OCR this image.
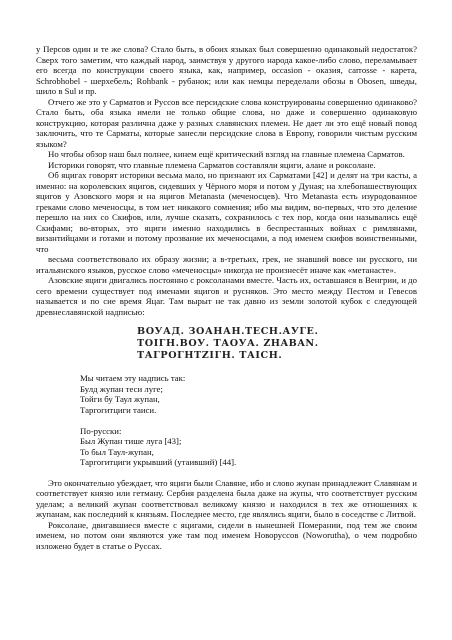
у Персов один и те же слова? Стало быть, в обоих языках был совершенно одинаковый недостаток? Сверх того заметим, что каждый народ, заимствуя у другого народа какое-либо слово, переламывает его всегда по конструкции своего языка, как, например, occasion - оказия, carrosse - карета, Schrobhobel - шерхебель; Rohbank - рубанок; или как немцы переделали обозы в Obosen, шведы, шило в Sul и пр.

Отчего же это у Сарматов и Руссов все персидские слова конструированы совершенно одинаково? Стало быть, оба языка имели не только общие слова, но даже и совершенно одинаковую конструкцию, которая различна даже у разных славянских племен. Не дает ли это ещё новый повод заключить, что те Сарматы, которые занесли персидские слова в Европу, говорили чистым русским языком?

Но чтобы обзор наш был полнее, кинем ещё критический взгляд на главные племена Сарматов.

Историки говорят, что главные племена Сарматов составляли яциги, алане и роксолане.

Об яцигах говорят историки весьма мало, но признают их Сарматами [42] и делят на три касты, а именно: на королевских яцигов, сидевших у Чёрного моря и потом у Дуная; на хлебопашествующих яцигов у Азовского моря и на яцигов Metanasta (меченосцев). Что Metanasta есть изуродованное греками слово меченосцы, в том нет никакого сомнения; ибо мы видим, во-первых, что это деление перешло на них со Скифов, или, лучше сказать, сохранилось с тех пор, когда они назывались ещё Скифами; во-вторых, это яциги именно находились в беспрестанных войнах с римлянами, византийцами и готами и потому прозвание их меченосцами, а под именем скифов воинственными, что

весьма соответствовало их образу жизни; а в-третьих, грек, не знавший вовсе ни русского, ни итальянского языков, русское слово «меченосцы» никогда не произнесёт иначе как «метанасте».

Азовские яциги двигались постоянно с роксоланами вместе. Часть их, оставшаяся в Венгрии, и до сего времени существует под именами яцигов и русняков. Это место между Пестом и Гевесов называется и по сие время Яцаг. Там вырыт не так давно из земли золотой кубок с следующей древнеславянской надписью:

ВОУАД. ЗОАНАН.ТЕСН.АУГЕ.
ТОІГН.ВОУ. ТАОУА. ZΗΑΒΑΝ.
ТАГРОГНТZІГН. ТАІСН.
Мы читаем эту надпись так:
Булд жупан теси луге;
Тойги бу Таул жупан,
Таргогитциги таиси.
По-русски:
Был Жупан тише луга [43];
То был Таул-жупан,
Таргогитциги укрывший (утаивший) [44].

Это окончательно убеждает, что яциги были Славяне, ибо и слово жупан принадлежит Славянам и соответствует князю или гетману. Сербия разделена была даже на жупы, что соответствует русским уделам; а великий жупан соответствовал великому князю и находился в тех же отношениях к жупанам, как последний к князьям. Последнее место, где являлись яциги, было в соседстве с Литвой.

Роксолане, двигавшиеся вместе с яцигами, сидели в нынешней Померании, под тем же своим именем, но потом они являются уже там под именем Новоруссов (Noworutha), о чем подробно изложено будет в статье о Руссах.
